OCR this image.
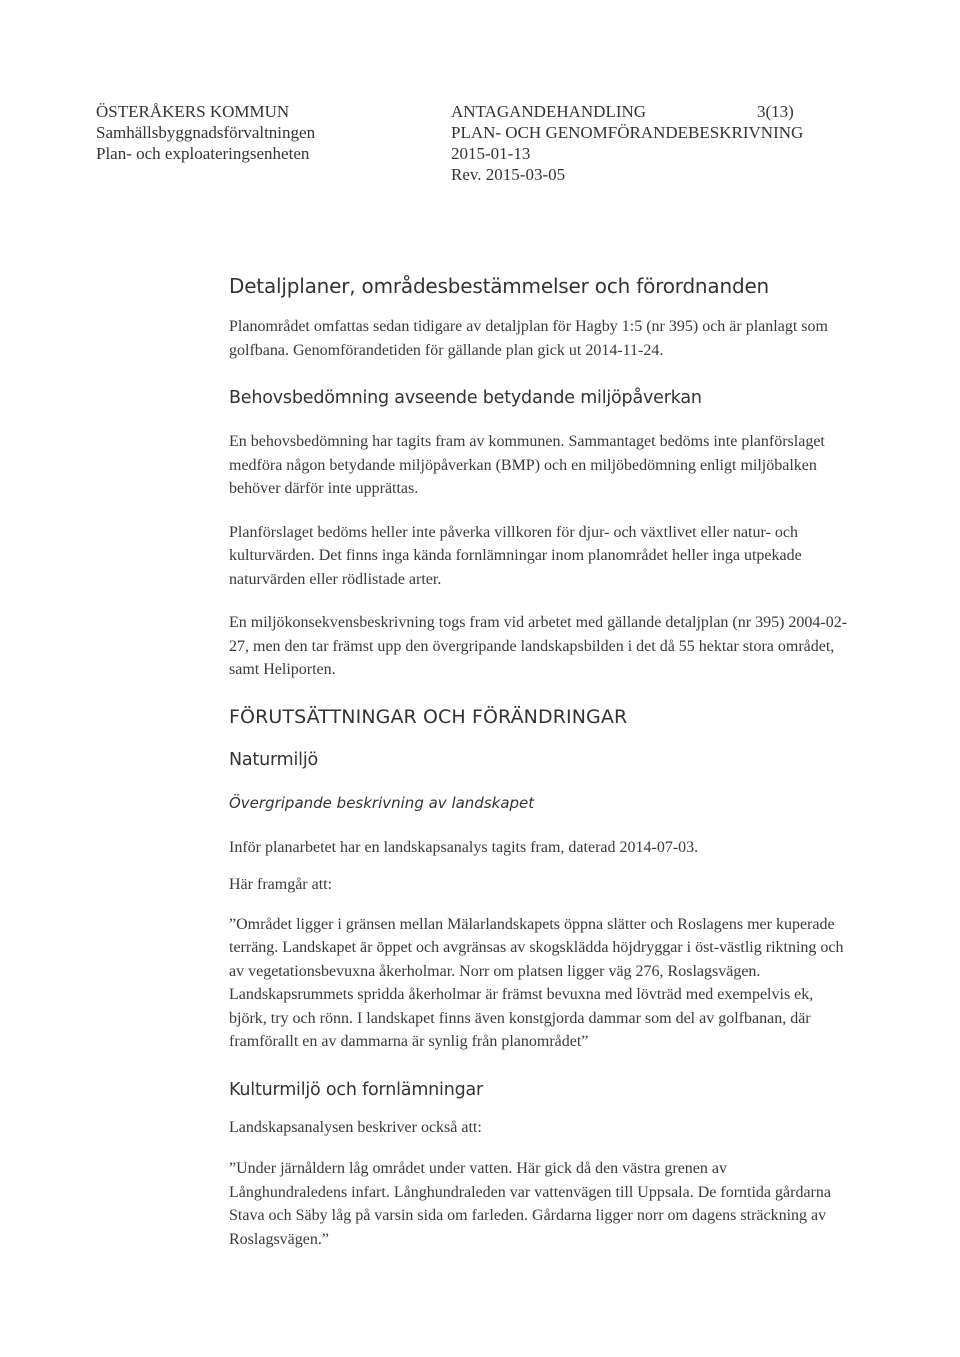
ÖSTERÅKERS KOMMUN
Samhällsbyggnadsförvaltningen
Plan- och exploateringsenheten
ANTAGANDEHANDLING	3(13)
PLAN- OCH GENOMFÖRANDEBESKRIVNING
2015-01-13
Rev. 2015-03-05
Detaljplaner, områdesbestämmelser och förordnanden

Planområdet omfattas sedan tidigare av detaljplan för Hagby 1:5 (nr 395) och är planlagt som golfbana. Genomförandetiden för gällande plan gick ut 2014-11-24.

Behovsbedömning avseende betydande miljöpåverkan

En behovsbedömning har tagits fram av kommunen. Sammantaget bedöms inte planförslaget medföra någon betydande miljöpåverkan (BMP) och en miljöbedömning enligt miljöbalken behöver därför inte upprättas.

Planförslaget bedöms heller inte påverka villkoren för djur- och växtlivet eller natur- och kulturvärden. Det finns inga kända fornlämningar inom planområdet heller inga utpekade naturvärden eller rödlistade arter.

En miljökonsekvensbeskrivning togs fram vid arbetet med gällande detaljplan (nr 395) 2004-02-27, men den tar främst upp den övergripande landskapsbilden i det då 55 hektar stora området, samt Heliporten.

FÖRUTSÄTTNINGAR OCH FÖRÄNDRINGAR
Naturmiljö
Övergripande beskrivning av landskapet

Inför planarbetet har en landskapsanalys tagits fram, daterad 2014-07-03.

Här framgår att:

”Området ligger i gränsen mellan Mälarlandskapets öppna slätter och Roslagens mer kuperade terräng. Landskapet är öppet och avgränsas av skogsklädda höjdryggar i öst-västlig riktning och av vegetationsbevuxna åkerholmar. Norr om platsen ligger väg 276, Roslagsvägen. Landskapsrummets spridda åkerholmar är främst bevuxna med lövträd med exempelvis ek, björk, try och rönn. I landskapet finns även konstgjorda dammar som del av golfbanan, där framförallt en av dammarna är synlig från planområdet”

Kulturmiljö och fornlämningar

Landskapsanalysen beskriver också att:

”Under järnåldern låg området under vatten. Här gick då den västra grenen av Långhundraledens infart. Långhundraleden var vattenvägen till Uppsala. De forntida gårdarna Stava och Säby låg på varsin sida om farleden. Gårdarna ligger norr om dagens sträckning av Roslagsvägen.”
